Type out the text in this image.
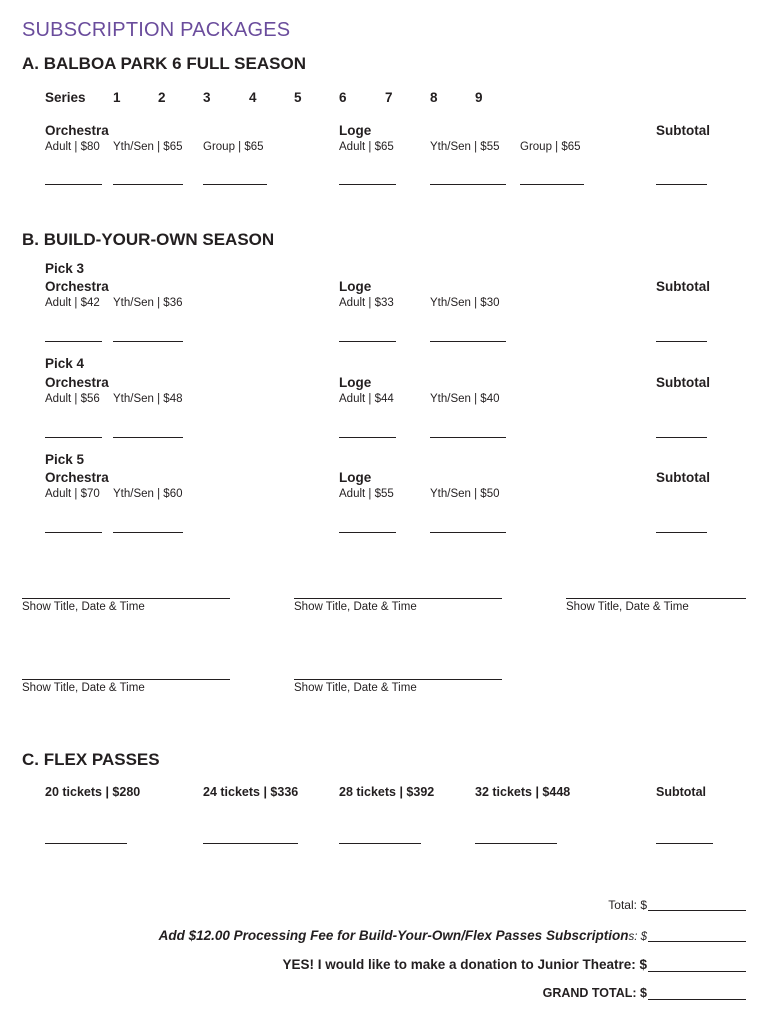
SUBSCRIPTION PACKAGES
A. BALBOA PARK 6 FULL SEASON
Series 1	2	3	4	5	6	7	8	9
Orchestra	Loge	Subtotal
Adult | $80 Yth/Sen | $65 Group | $65	Adult | $65	Yth/Sen | $55 Group | $65
B. BUILD-YOUR-OWN SEASON
Pick 3
Orchestra	Loge	Subtotal
Adult | $42 Yth/Sen | $36	Adult | $33	Yth/Sen | $30
Pick 4
Orchestra	Loge	Subtotal
Adult | $56 Yth/Sen | $48	Adult | $44	Yth/Sen | $40
Pick 5
Orchestra	Loge	Subtotal
Adult | $70 Yth/Sen | $60	Adult | $55	Yth/Sen | $50
Show Title, Date & Time	Show Title, Date & Time	Show Title, Date & Time
Show Title, Date & Time	Show Title, Date & Time
C. FLEX PASSES
20 tickets | $280	24 tickets | $336	28 tickets | $392	32 tickets | $448	Subtotal
Total: $
Add $12.00 Processing Fee for Build-Your-Own/Flex Passes Subscriptions: $
YES! I would like to make a donation to Junior Theatre: $
GRAND TOTAL: $
